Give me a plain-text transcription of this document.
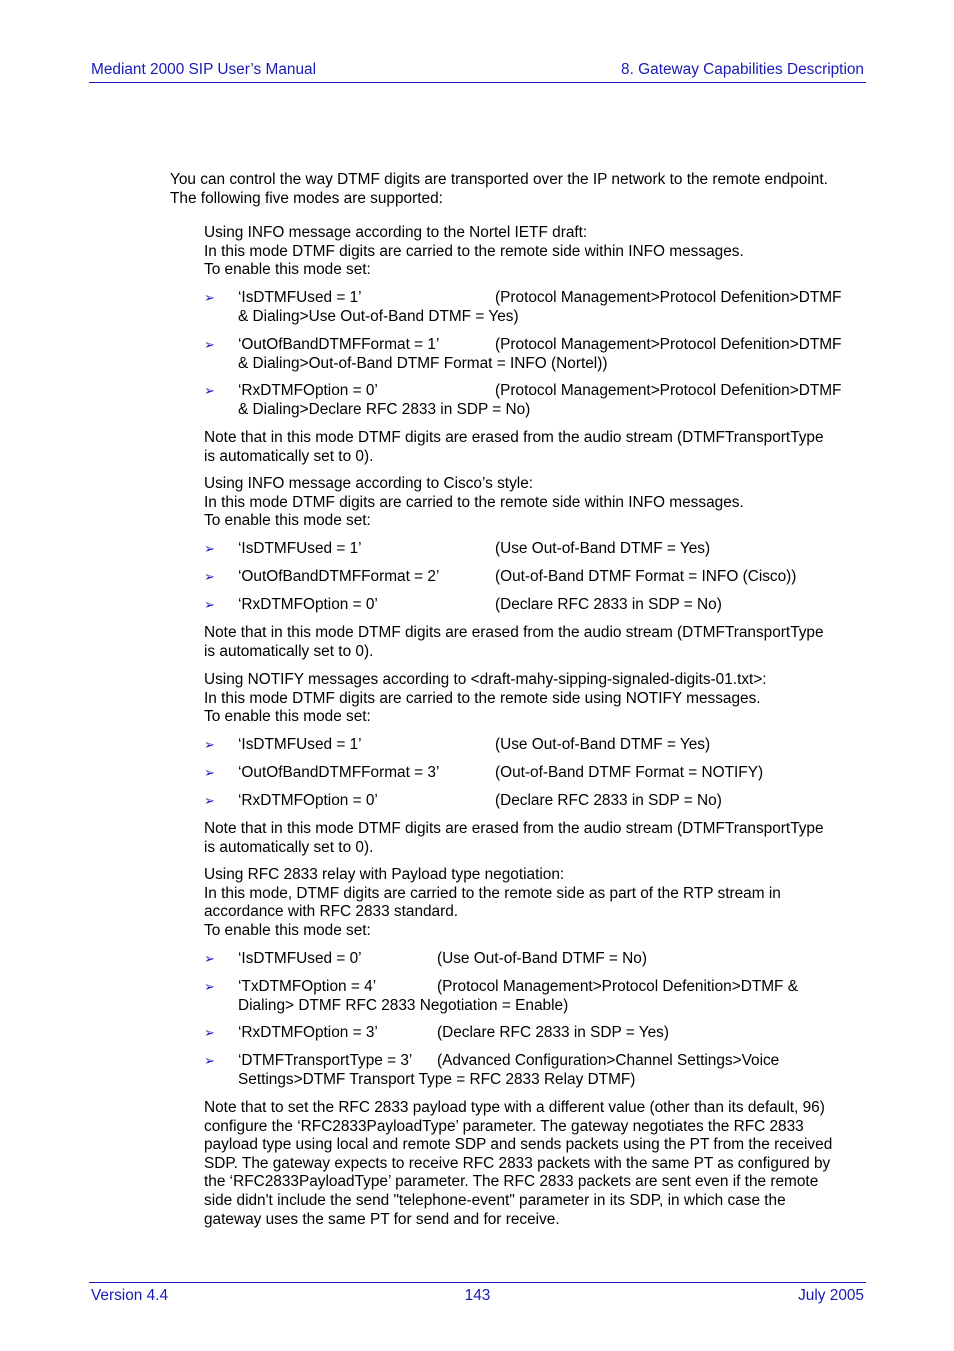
Mediant 2000 SIP User’s Manual	8. Gateway Capabilities Description

You can control the way DTMF digits are transported over the IP network to the remote endpoint.
The following five modes are supported:

Using INFO message according to the Nortel IETF draft:
In this mode DTMF digits are carried to the remote side within INFO messages.
To enable this mode set:

➢ ‘IsDTMFUsed = 1’	(Protocol Management>Protocol Defenition>DTMF
& Dialing>Use Out-of-Band DTMF = Yes)
➢ ‘OutOfBandDTMFFormat = 1’	(Protocol Management>Protocol Defenition>DTMF
& Dialing>Out-of-Band DTMF Format = INFO (Nortel))
➢ ‘RxDTMFOption = 0’	(Protocol Management>Protocol Defenition>DTMF
& Dialing>Declare RFC 2833 in SDP = No)

Note that in this mode DTMF digits are erased from the audio stream (DTMFTransportType
is automatically set to 0).

Using INFO message according to Cisco’s style:
In this mode DTMF digits are carried to the remote side within INFO messages.
To enable this mode set:

➢ ‘IsDTMFUsed = 1’	(Use Out-of-Band DTMF = Yes)
➢ ‘OutOfBandDTMFFormat = 2’	(Out-of-Band DTMF Format = INFO (Cisco))
➢ ‘RxDTMFOption = 0’	(Declare RFC 2833 in SDP = No)

Note that in this mode DTMF digits are erased from the audio stream (DTMFTransportType
is automatically set to 0).

Using NOTIFY messages according to <draft-mahy-sipping-signaled-digits-01.txt>:
In this mode DTMF digits are carried to the remote side using NOTIFY messages.
To enable this mode set:

➢ ‘IsDTMFUsed = 1’	(Use Out-of-Band DTMF = Yes)
➢ ‘OutOfBandDTMFFormat = 3’	(Out-of-Band DTMF Format = NOTIFY)
➢ ‘RxDTMFOption = 0’	(Declare RFC 2833 in SDP = No)

Note that in this mode DTMF digits are erased from the audio stream (DTMFTransportType
is automatically set to 0).

Using RFC 2833 relay with Payload type negotiation:
In this mode, DTMF digits are carried to the remote side as part of the RTP stream in
accordance with RFC 2833 standard.
To enable this mode set:

➢ ‘IsDTMFUsed = 0’	(Use Out-of-Band DTMF = No)
➢ ‘TxDTMFOption = 4’	(Protocol Management>Protocol Defenition>DTMF &
Dialing> DTMF RFC 2833 Negotiation = Enable)
➢ ‘RxDTMFOption = 3’	(Declare RFC 2833 in SDP = Yes)
➢ ‘DTMFTransportType = 3’ (Advanced Configuration>Channel Settings>Voice
Settings>DTMF Transport Type = RFC 2833 Relay DTMF)

Note that to set the RFC 2833 payload type with a different value (other than its default, 96)
configure the ‘RFC2833PayloadType’ parameter. The gateway negotiates the RFC 2833
payload type using local and remote SDP and sends packets using the PT from the received
SDP. The gateway expects to receive RFC 2833 packets with the same PT as configured by
the ‘RFC2833PayloadType’ parameter. The RFC 2833 packets are sent even if the remote
side didn't include the send "telephone-event" parameter in its SDP, in which case the
gateway uses the same PT for send and for receive.

Version 4.4	143	July 2005
